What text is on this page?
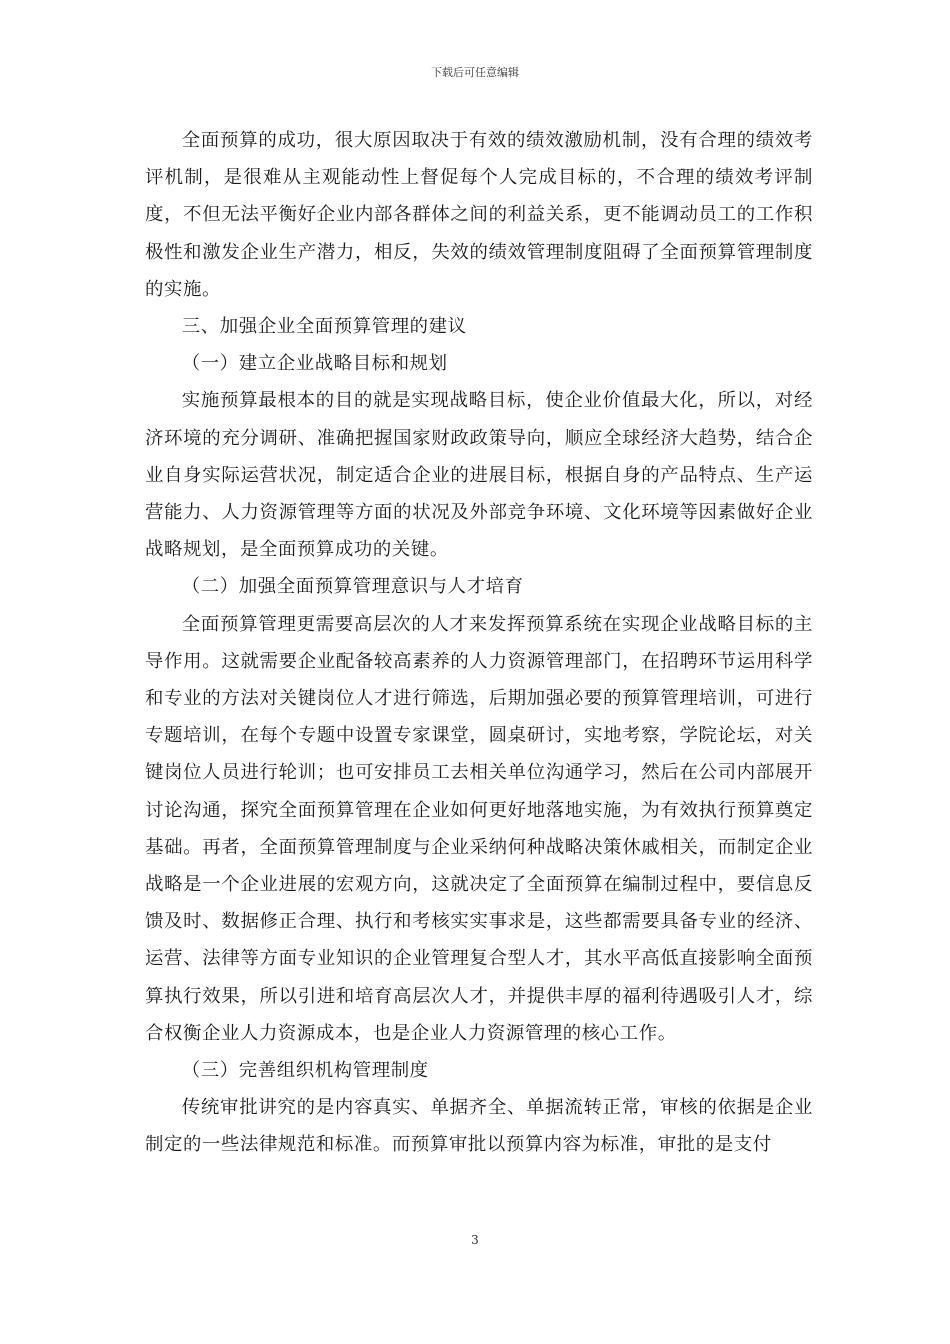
下载后可任意编辑

全面预算的成功，很大原因取决于有效的绩效激励机制，没有合理的绩效考评机制，是很难从主观能动性上督促每个人完成目标的，不合理的绩效考评制度，不但无法平衡好企业内部各群体之间的利益关系，更不能调动员工的工作积极性和激发企业生产潜力，相反，失效的绩效管理制度阻碍了全面预算管理制度的实施。

三、加强企业全面预算管理的建议

（一）建立企业战略目标和规划

实施预算最根本的目的就是实现战略目标，使企业价值最大化，所以，对经济环境的充分调研、准确把握国家财政政策导向，顺应全球经济大趋势，结合企业自身实际运营状况，制定适合企业的进展目标，根据自身的产品特点、生产运营能力、人力资源管理等方面的状况及外部竞争环境、文化环境等因素做好企业战略规划，是全面预算成功的关键。

（二）加强全面预算管理意识与人才培育

全面预算管理更需要高层次的人才来发挥预算系统在实现企业战略目标的主导作用。这就需要企业配备较高素养的人力资源管理部门，在招聘环节运用科学和专业的方法对关键岗位人才进行筛选，后期加强必要的预算管理培训，可进行专题培训，在每个专题中设置专家课堂，圆桌研讨，实地考察，学院论坛，对关键岗位人员进行轮训；也可安排员工去相关单位沟通学习，然后在公司内部展开讨论沟通，探究全面预算管理在企业如何更好地落地实施，为有效执行预算奠定基础。再者，全面预算管理制度与企业采纳何种战略决策休戚相关，而制定企业战略是一个企业进展的宏观方向，这就决定了全面预算在编制过程中，要信息反馈及时、数据修正合理、执行和考核实实事求是，这些都需要具备专业的经济、运营、法律等方面专业知识的企业管理复合型人才，其水平高低直接影响全面预算执行效果，所以引进和培育高层次人才，并提供丰厚的福利待遇吸引人才，综合权衡企业人力资源成本，也是企业人力资源管理的核心工作。

（三）完善组织机构管理制度

传统审批讲究的是内容真实、单据齐全、单据流转正常，审核的依据是企业制定的一些法律规范和标准。而预算审批以预算内容为标准，审批的是支付

3
